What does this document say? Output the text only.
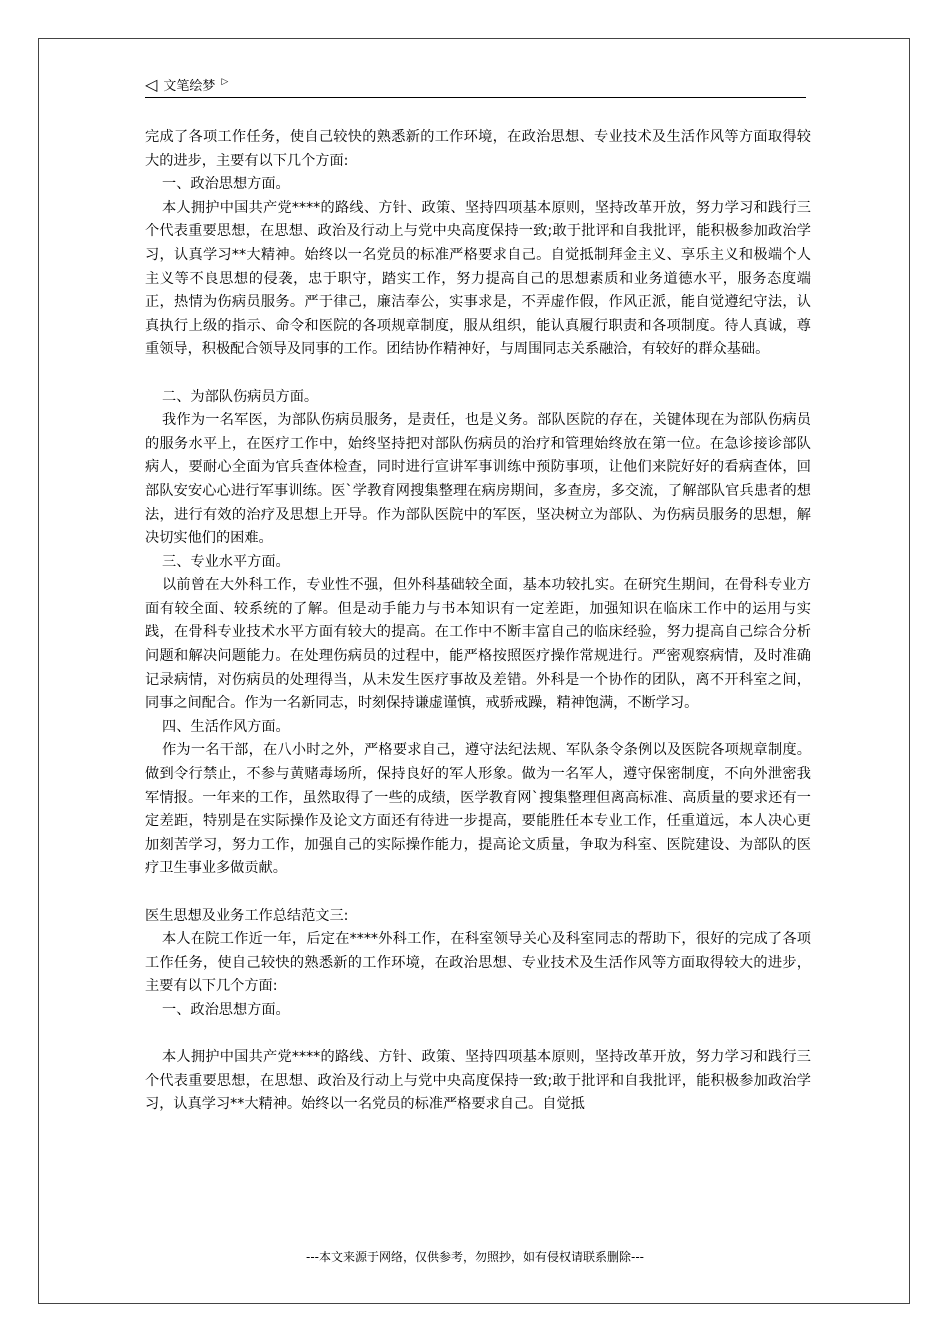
◁ 文笔绘梦 ▷

完成了各项工作任务，使自己较快的熟悉新的工作环境，在政治思想、专业技术及生活作风等方面取得较大的进步，主要有以下几个方面:

一、政治思想方面。

本人拥护中国共产党****的路线、方针、政策、坚持四项基本原则，坚持改革开放，努力学习和践行三个代表重要思想，在思想、政治及行动上与党中央高度保持一致;敢于批评和自我批评，能积极参加政治学习，认真学习**大精神。始终以一名党员的标准严格要求自己。自觉抵制拜金主义、享乐主义和极端个人主义等不良思想的侵袭，忠于职守，踏实工作，努力提高自己的思想素质和业务道德水平，服务态度端正，热情为伤病员服务。严于律己，廉洁奉公，实事求是，不弄虚作假，作风正派，能自觉遵纪守法，认真执行上级的指示、命令和医院的各项规章制度，服从组织，能认真履行职责和各项制度。待人真诚，尊重领导，积极配合领导及同事的工作。团结协作精神好，与周围同志关系融洽，有较好的群众基础。

二、为部队伤病员方面。

我作为一名军医，为部队伤病员服务，是责任，也是义务。部队医院的存在，关键体现在为部队伤病员的服务水平上，在医疗工作中，始终坚持把对部队伤病员的治疗和管理始终放在第一位。在急诊接诊部队病人，要耐心全面为官兵查体检查，同时进行宣讲军事训练中预防事项，让他们来院好好的看病查体，回部队安安心心进行军事训练。医`学教育网搜集整理在病房期间，多查房，多交流，了解部队官兵患者的想法，进行有效的治疗及思想上开导。作为部队医院中的军医，坚决树立为部队、为伤病员服务的思想，解决切实他们的困难。

三、专业水平方面。

以前曾在大外科工作，专业性不强，但外科基础较全面，基本功较扎实。在研究生期间，在骨科专业方面有较全面、较系统的了解。但是动手能力与书本知识有一定差距，加强知识在临床工作中的运用与实践，在骨科专业技术水平方面有较大的提高。在工作中不断丰富自己的临床经验，努力提高自己综合分析问题和解决问题能力。在处理伤病员的过程中，能严格按照医疗操作常规进行。严密观察病情，及时准确记录病情，对伤病员的处理得当，从未发生医疗事故及差错。外科是一个协作的团队，离不开科室之间，同事之间配合。作为一名新同志，时刻保持谦虚谨慎，戒骄戒躁，精神饱满，不断学习。

四、生活作风方面。

作为一名干部，在八小时之外，严格要求自己，遵守法纪法规、军队条令条例以及医院各项规章制度。做到令行禁止，不参与黄赌毒场所，保持良好的军人形象。做为一名军人，遵守保密制度，不向外泄密我军情报。一年来的工作，虽然取得了一些的成绩，医学教育网`搜集整理但离高标准、高质量的要求还有一定差距，特别是在实际操作及论文方面还有待进一步提高，要能胜任本专业工作，任重道远，本人决心更加刻苦学习，努力工作，加强自己的实际操作能力，提高论文质量，争取为科室、医院建设、为部队的医疗卫生事业多做贡献。

医生思想及业务工作总结范文三:

本人在院工作近一年，后定在****外科工作，在科室领导关心及科室同志的帮助下，很好的完成了各项工作任务，使自己较快的熟悉新的工作环境，在政治思想、专业技术及生活作风等方面取得较大的进步，主要有以下几个方面:

一、政治思想方面。

本人拥护中国共产党****的路线、方针、政策、坚持四项基本原则，坚持改革开放，努力学习和践行三个代表重要思想，在思想、政治及行动上与党中央高度保持一致;敢于批评和自我批评，能积极参加政治学习，认真学习**大精神。始终以一名党员的标准严格要求自己。自觉抵

---本文来源于网络，仅供参考，勿照抄，如有侵权请联系删除---
